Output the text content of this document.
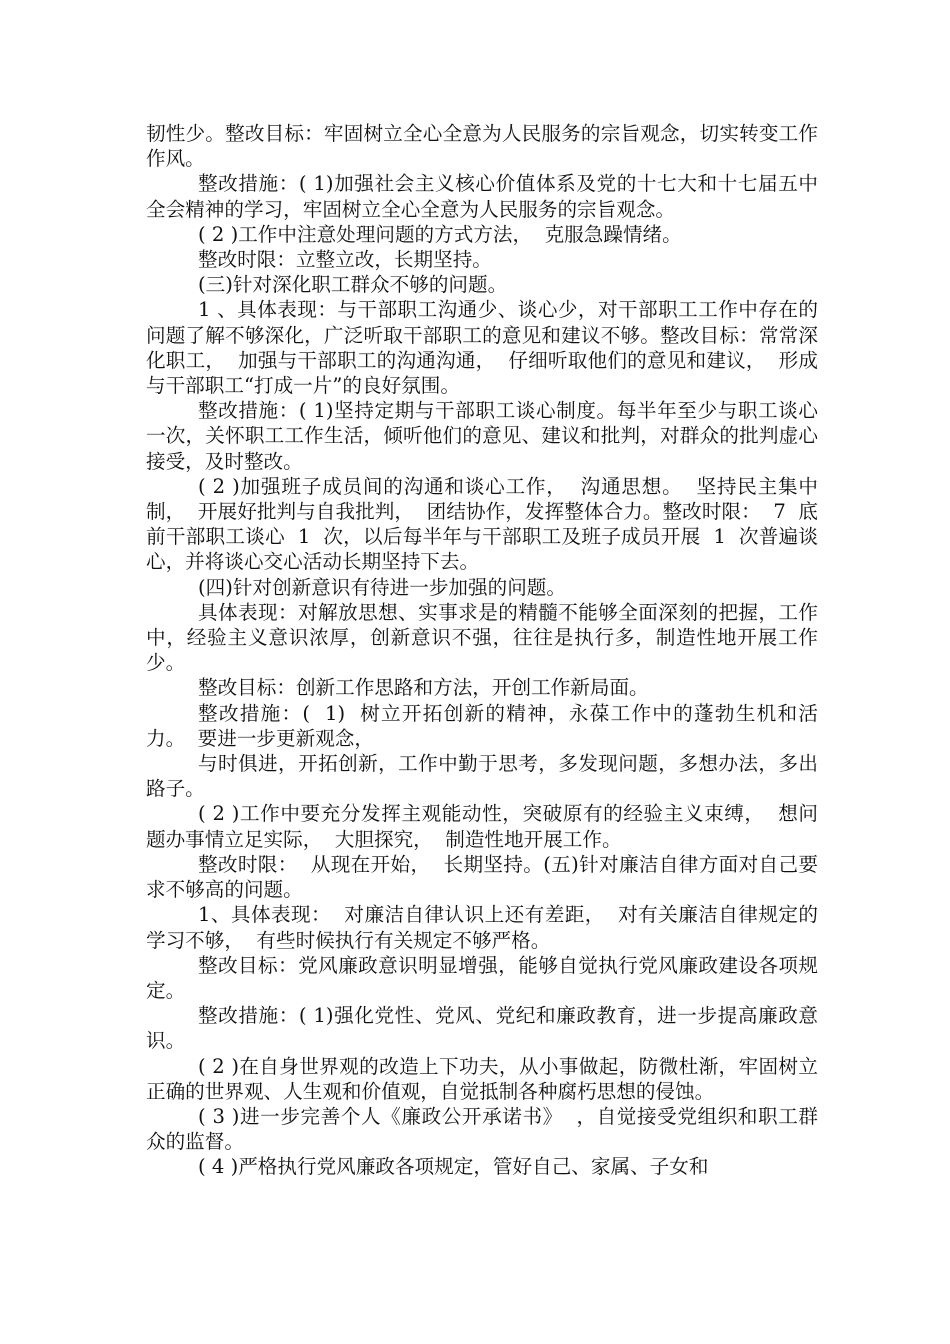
韧性少。整改目标：牢固树立全心全意为人民服务的宗旨观念，切实转变工作作风。

整改措施：( 1)加强社会主义核心价值体系及党的十七大和十七届五中全会精神的学习，牢固树立全心全意为人民服务的宗旨观念。

( 2 )工作中注意处理问题的方式方法，  克服急躁情绪。

整改时限：立整立改，长期坚持。

(三)针对深化职工群众不够的问题。

1 、具体表现：与干部职工沟通少、谈心少，对干部职工工作中存在的问题了解不够深化，广泛听取干部职工的意见和建议不够。整改目标：常常深化职工，  加强与干部职工的沟通沟通，  仔细听取他们的意见和建议，  形成与干部职工“打成一片”的良好氛围。

整改措施：( 1)坚持定期与干部职工谈心制度。每半年至少与职工谈心一次，关怀职工工作生活，倾听他们的意见、建议和批判，对群众的批判虚心接受，及时整改。

( 2 )加强班子成员间的沟通和谈心工作，  沟通思想。  坚持民主集中制，  开展好批判与自我批判，  团结协作，发挥整体合力。整改时限：  7  底前干部职工谈心  1  次，以后每半年与干部职工及班子成员开展  1  次普遍谈心，并将谈心交心活动长期坚持下去。

(四)针对创新意识有待进一步加强的问题。

具体表现：对解放思想、实事求是的精髓不能够全面深刻的把握，工作中，经验主义意识浓厚，创新意识不强，往往是执行多，制造性地开展工作少。

整改目标：创新工作思路和方法，开创工作新局面。

整改措施：(  1)  树立开拓创新的精神，永葆工作中的蓬勃生机和活力。  要进一步更新观念，

与时俱进，开拓创新，工作中勤于思考，多发现问题，多想办法，多出路子。

( 2 )工作中要充分发挥主观能动性，突破原有的经验主义束缚，  想问题办事情立足实际，  大胆探究，  制造性地开展工作。

整改时限：  从现在开始，  长期坚持。(五)针对廉洁自律方面对自己要求不够高的问题。

1、具体表现：  对廉洁自律认识上还有差距，  对有关廉洁自律规定的学习不够，  有些时候执行有关规定不够严格。

整改目标：党风廉政意识明显增强，能够自觉执行党风廉政建设各项规定。

整改措施：( 1)强化党性、党风、党纪和廉政教育，进一步提高廉政意识。

( 2 )在自身世界观的改造上下功夫，从小事做起，防微杜渐，牢固树立正确的世界观、人生观和价值观，自觉抵制各种腐朽思想的侵蚀。

( 3 )进一步完善个人《廉政公开承诺书》  ，自觉接受党组织和职工群众的监督。

( 4 )严格执行党风廉政各项规定，管好自己、家属、子女和
